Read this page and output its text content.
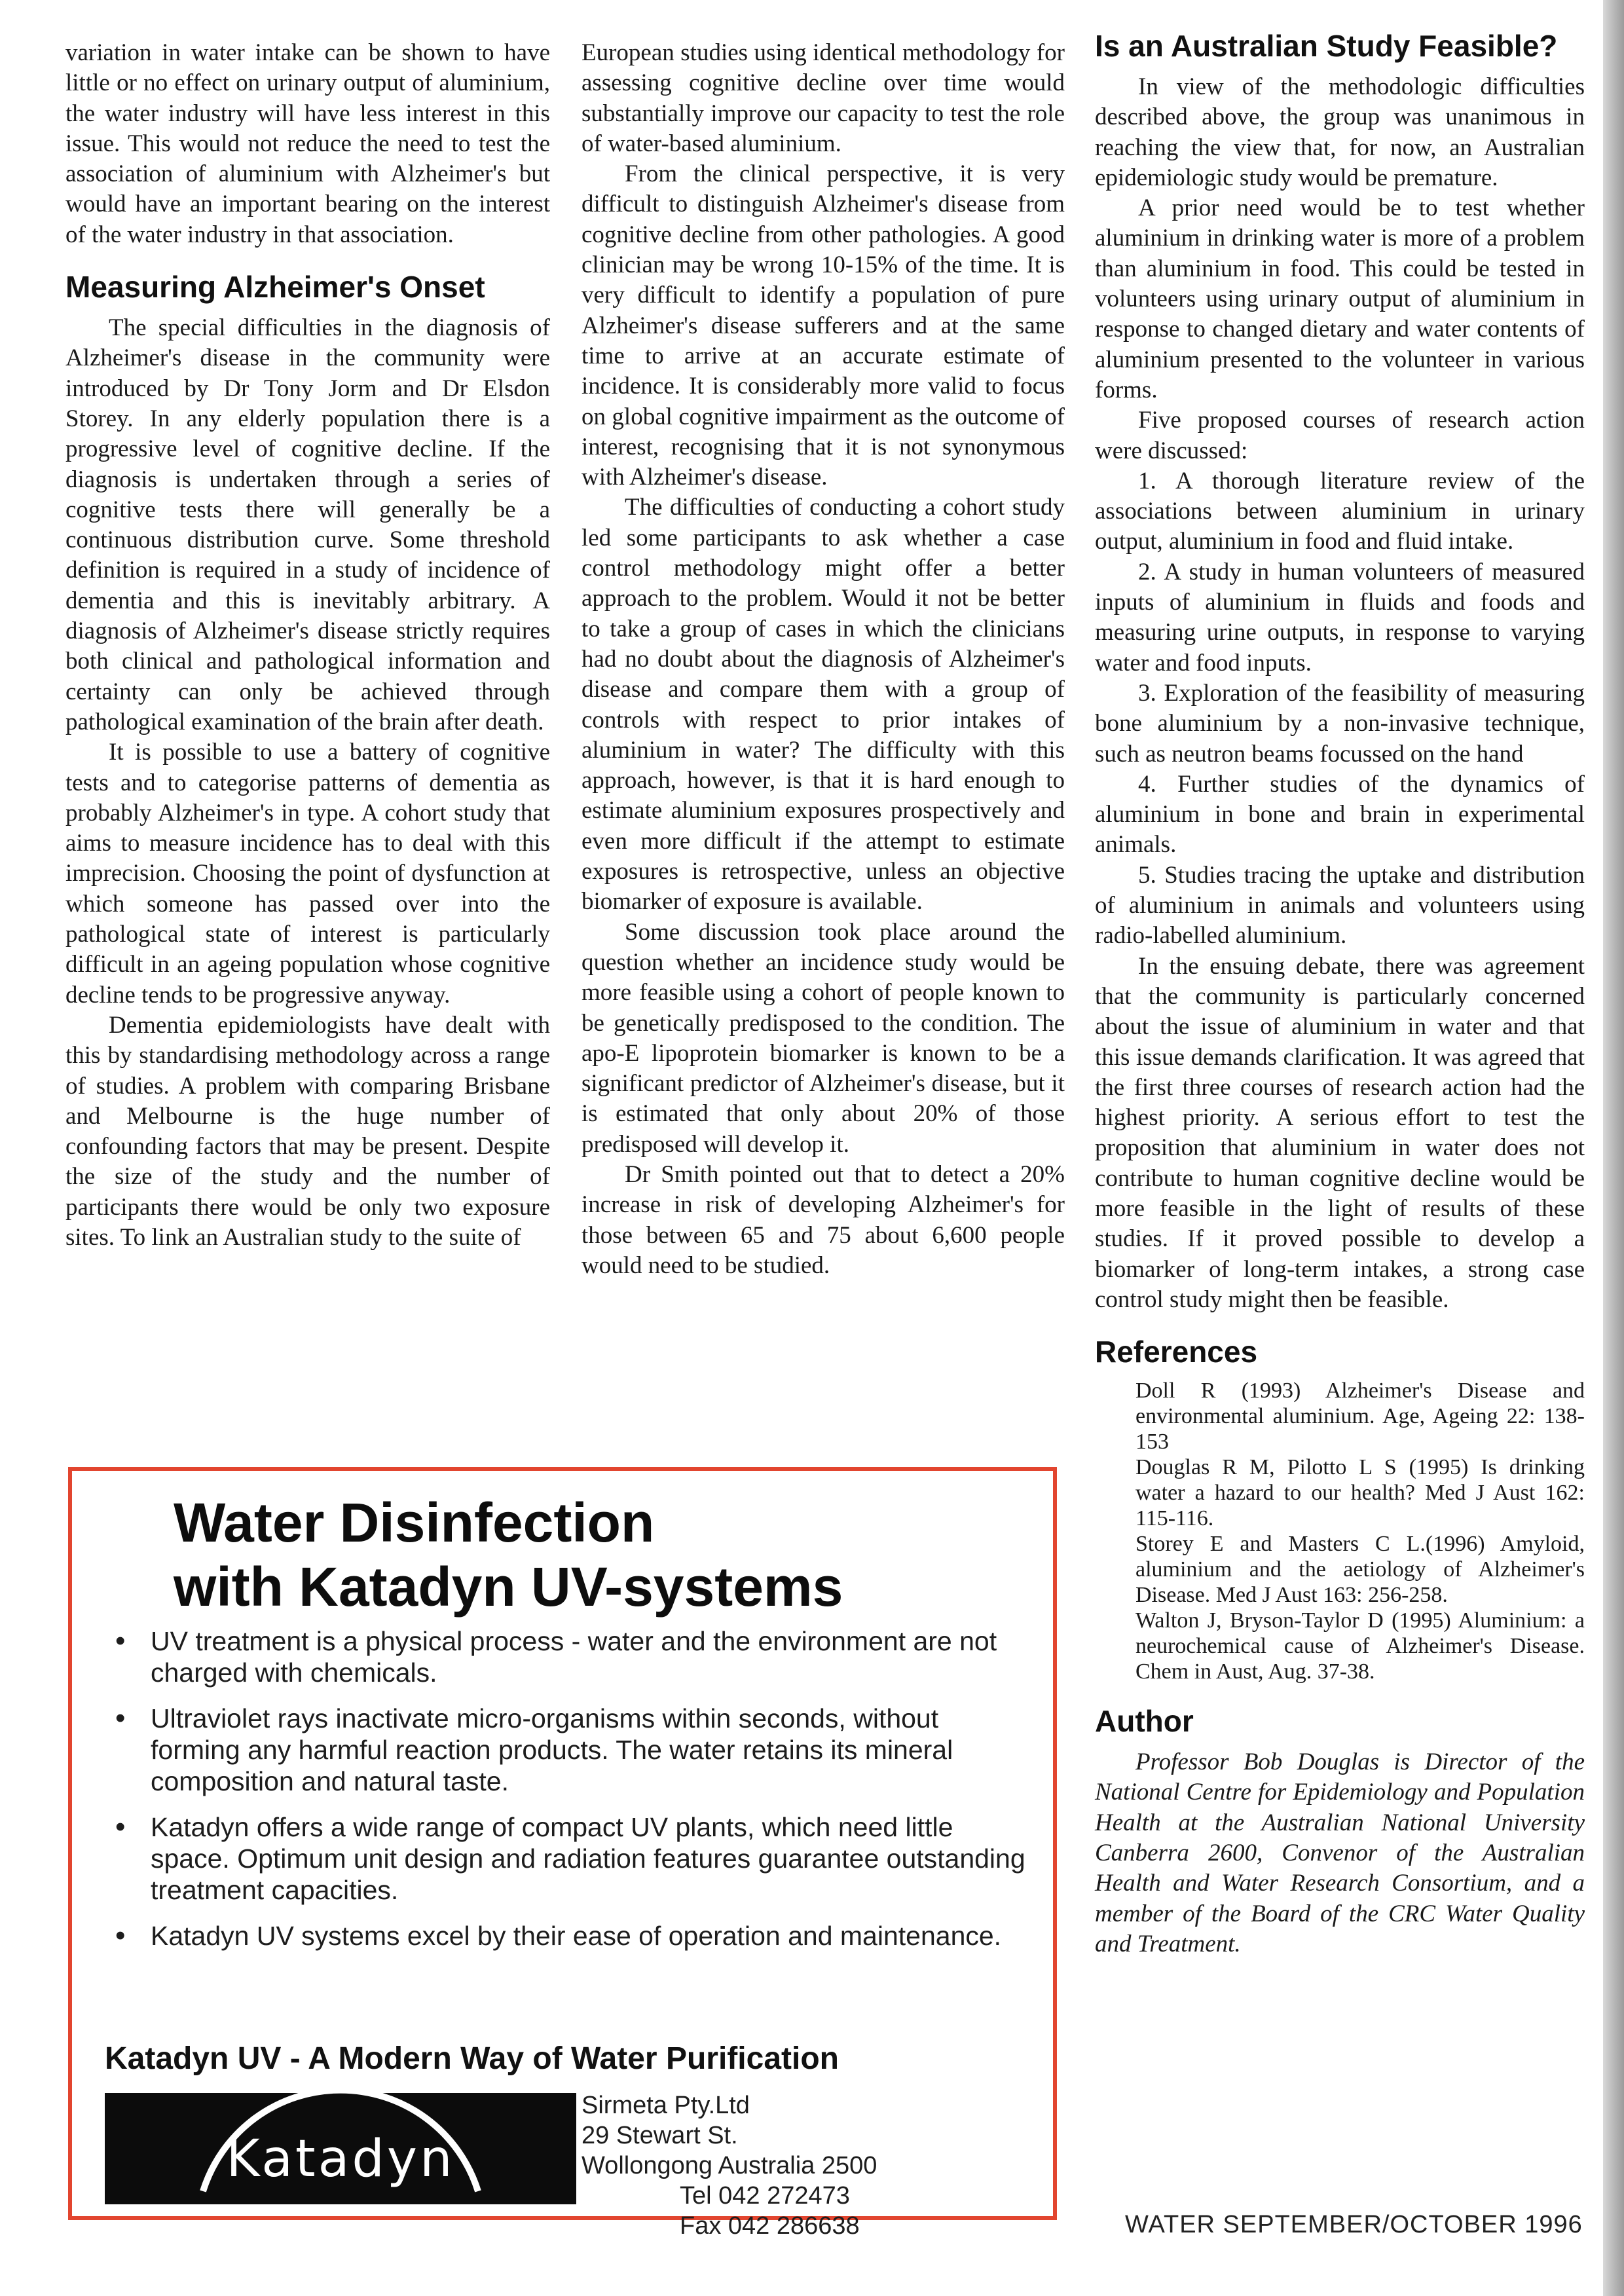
variation in water intake can be shown to have little or no effect on urinary output of aluminium, the water industry will have less interest in this issue. This would not reduce the need to test the association of aluminium with Alzheimer's but would have an important bearing on the interest of the water industry in that association.

Measuring Alzheimer's Onset

The special difficulties in the diagnosis of Alzheimer's disease in the community were introduced by Dr Tony Jorm and Dr Elsdon Storey. In any elderly population there is a progressive level of cognitive decline. If the diagnosis is undertaken through a series of cognitive tests there will generally be a continuous distribution curve. Some threshold definition is required in a study of incidence of dementia and this is inevitably arbitrary. A diagnosis of Alzheimer's disease strictly requires both clinical and pathological information and certainty can only be achieved through pathological examination of the brain after death.

It is possible to use a battery of cognitive tests and to categorise patterns of dementia as probably Alzheimer's in type. A cohort study that aims to measure incidence has to deal with this imprecision. Choosing the point of dysfunction at which someone has passed over into the pathological state of interest is particularly difficult in an ageing population whose cognitive decline tends to be progressive anyway.

Dementia epidemiologists have dealt with this by standardising methodology across a range of studies. A problem with comparing Brisbane and Melbourne is the huge number of confounding factors that may be present. Despite the size of the study and the number of participants there would be only two exposure sites. To link an Australian study to the suite of

European studies using identical methodology for assessing cognitive decline over time would substantially improve our capacity to test the role of water-based aluminium.

From the clinical perspective, it is very difficult to distinguish Alzheimer's disease from cognitive decline from other pathologies. A good clinician may be wrong 10-15% of the time. It is very difficult to identify a population of pure Alzheimer's disease sufferers and at the same time to arrive at an accurate estimate of incidence. It is considerably more valid to focus on global cognitive impairment as the outcome of interest, recognising that it is not synonymous with Alzheimer's disease.

The difficulties of conducting a cohort study led some participants to ask whether a case control methodology might offer a better approach to the problem. Would it not be better to take a group of cases in which the clinicians had no doubt about the diagnosis of Alzheimer's disease and compare them with a group of controls with respect to prior intakes of aluminium in water? The difficulty with this approach, however, is that it is hard enough to estimate aluminium exposures prospectively and even more difficult if the attempt to estimate exposures is retrospective, unless an objective biomarker of exposure is available.

Some discussion took place around the question whether an incidence study would be more feasible using a cohort of people known to be genetically predisposed to the condition. The apo-E lipoprotein biomarker is known to be a significant predictor of Alzheimer's disease, but it is estimated that only about 20% of those predisposed will develop it.

Dr Smith pointed out that to detect a 20% increase in risk of developing Alzheimer's for those between 65 and 75 about 6,600 people would need to be studied.

Is an Australian Study Feasible?

In view of the methodologic difficulties described above, the group was unanimous in reaching the view that, for now, an Australian epidemiologic study would be premature.

A prior need would be to test whether aluminium in drinking water is more of a problem than aluminium in food. This could be tested in volunteers using urinary output of aluminium in response to changed dietary and water contents of aluminium presented to the volunteer in various forms.

Five proposed courses of research action were discussed:

1. A thorough literature review of the associations between aluminium in urinary output, aluminium in food and fluid intake.

2. A study in human volunteers of measured inputs of aluminium in fluids and foods and measuring urine outputs, in response to varying water and food inputs.

3. Exploration of the feasibility of measuring bone aluminium by a non-invasive technique, such as neutron beams focussed on the hand

4. Further studies of the dynamics of aluminium in bone and brain in experimental animals.

5. Studies tracing the uptake and distribution of aluminium in animals and volunteers using radio-labelled aluminium.

In the ensuing debate, there was agreement that the community is particularly concerned about the issue of aluminium in water and that this issue demands clarification. It was agreed that the first three courses of research action had the highest priority. A serious effort to test the proposition that aluminium in water does not contribute to human cognitive decline would be more feasible in the light of results of these studies. If it proved possible to develop a biomarker of long-term intakes, a strong case control study might then be feasible.

References

Doll R (1993) Alzheimer's Disease and environmental aluminium. Age, Ageing 22: 138-153

Douglas R M, Pilotto L S (1995) Is drinking water a hazard to our health? Med J Aust 162: 115-116.

Storey E and Masters C L.(1996) Amyloid, aluminium and the aetiology of Alzheimer's Disease. Med J Aust 163: 256-258.

Walton J, Bryson-Taylor D (1995) Aluminium: a neurochemical cause of Alzheimer's Disease. Chem in Aust, Aug. 37-38.

Author

Professor Bob Douglas is Director of the National Centre for Epidemiology and Population Health at the Australian National University Canberra 2600, Convenor of the Australian Health and Water Research Consortium, and a member of the Board of the CRC Water Quality and Treatment.

Water Disinfection
with Katadyn UV-systems
• UV treatment is a physical process - water and the environment are not charged with chemicals.
• Ultraviolet rays inactivate micro-organisms within seconds, without forming any harmful reaction products. The water retains its mineral composition and natural taste.
• Katadyn offers a wide range of compact UV plants, which need little space. Optimum unit design and radiation features guarantee outstanding treatment capacities.
• Katadyn UV systems excel by their ease of operation and maintenance.
Katadyn UV - A Modern Way of Water Purification
Katadyn
Sirmeta Pty.Ltd
29 Stewart St.
Wollongong Australia 2500
Tel 042 272473
Fax 042 286638	WATER SEPTEMBER/OCTOBER 1996
